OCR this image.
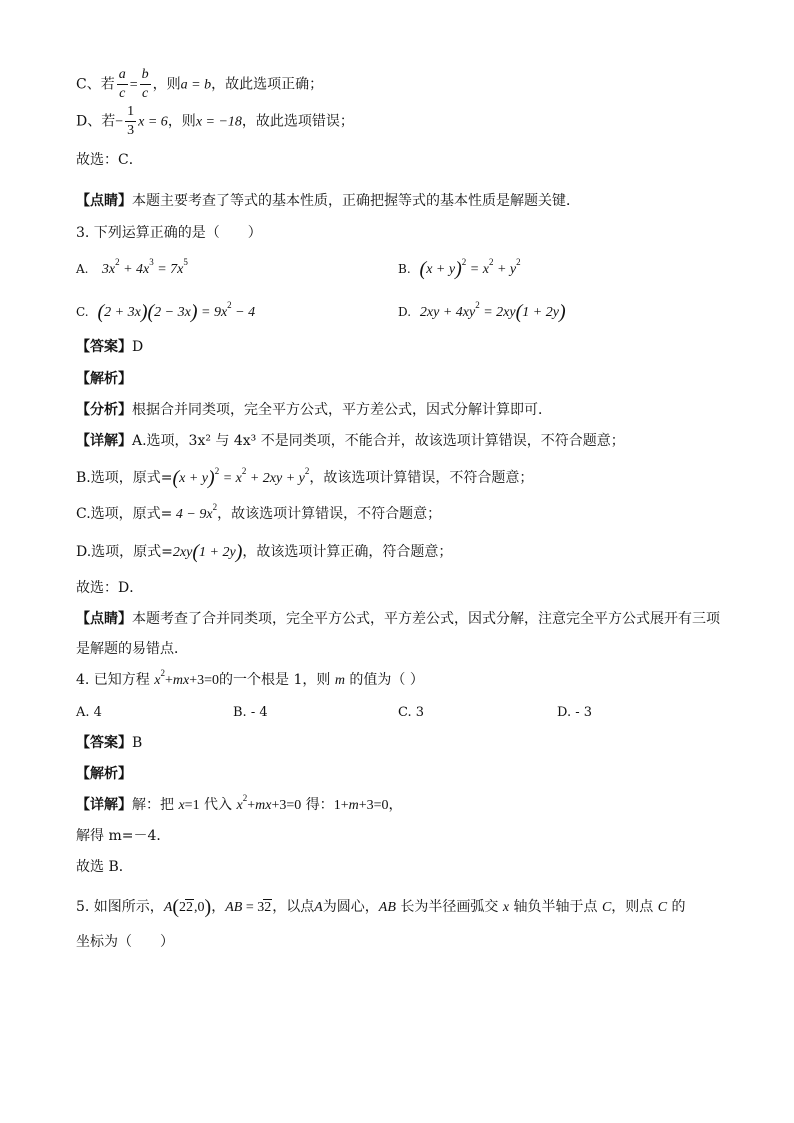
C、若 $\frac{a}{c} = \frac{b}{c}$ ，则a = b，故此选项正确；
D、若− $\frac{1}{3}$ x = 6，则x = −18，故此选项错误；
故选：C．
【点睛】本题主要考查了等式的基本性质，正确把握等式的基本性质是解题关键．
3. 下列运算正确的是（　　）
A. $3x^2 + 4x^3 = 7x^5$	B. $(x + y)^2 = x^2 + y^2$
C. $(2 + 3x)(2 - 3x) = 9x^2 - 4$	D. $2xy + 4xy^2 = 2xy(1 + 2y)$
【答案】D
【解析】
【分析】根据合并同类项，完全平方公式，平方差公式，因式分解计算即可．
【详解】A.选项，3x² 与 4x³ 不是同类项，不能合并，故该选项计算错误，不符合题意；
B.选项，原式$=(x + y)^2 = x^2 + 2xy + y^2$，故该选项计算错误，不符合题意；
C.选项，原式= $4 - 9x^2$，故该选项计算错误，不符合题意；
D.选项，原式=2xy(1 + 2y)，故该选项计算正确，符合题意；
故选：D．
【点睛】本题考查了合并同类项，完全平方公式，平方差公式，因式分解，注意完全平方公式展开有三项
是解题的易错点．
4. 已知方程 $x^2+mx+3=0$的一个根是 1，则 m 的值为（ ）
A. 4	B. - 4	C. 3	D. - 3
【答案】B
【解析】
【详解】解：把 x=1 代入 $x^2+mx+3=0$ 得：1+m+3=0，
解得 m=－4．
故选 B．
5. 如图所示，A(22,0)，AB = 32，以点A为圆心，AB 长为半径画弧交 x 轴负半轴于点 C，则点 C 的
坐标为（　　）
